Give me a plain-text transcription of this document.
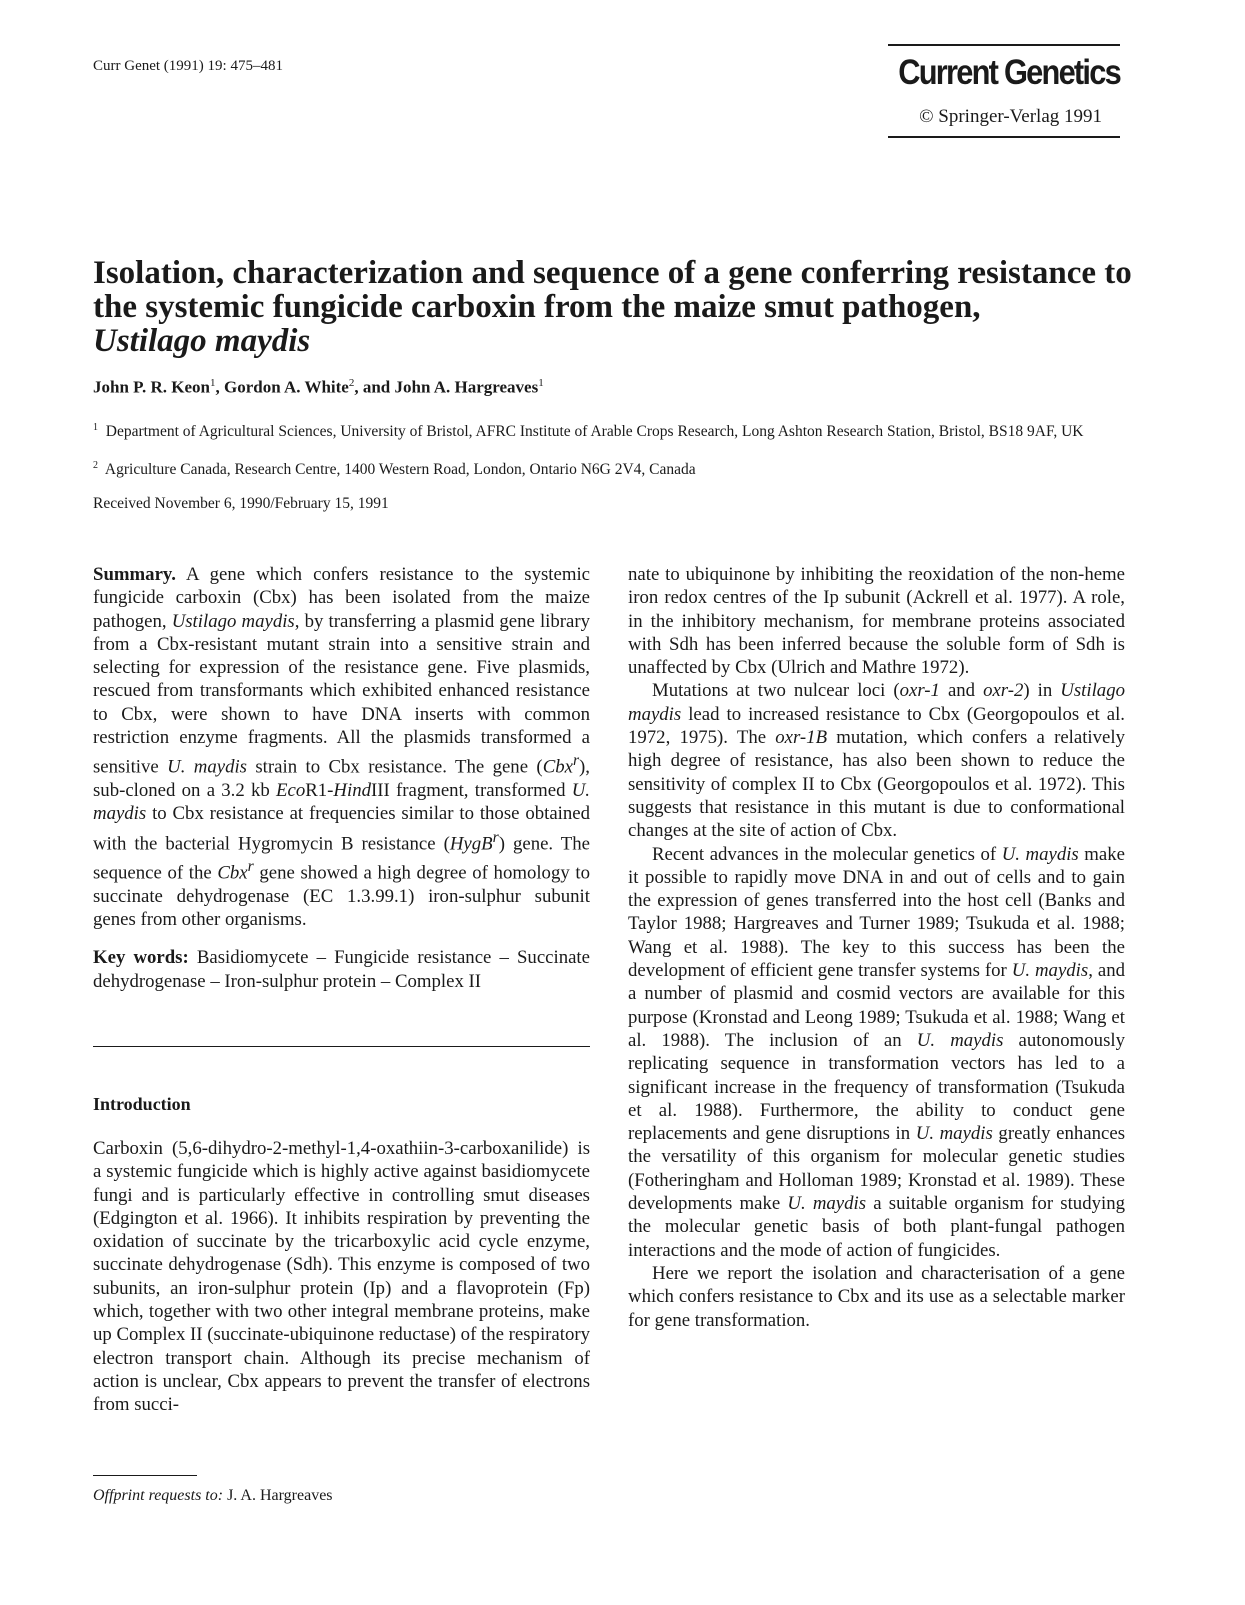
Curr Genet (1991) 19: 475–481	Current Genetics
© Springer-Verlag 1991
Isolation, characterization and sequence of a gene conferring resistance to the systemic fungicide carboxin from the maize smut pathogen,
Ustilago maydis
John P. R. Keon$^1$, Gordon A. White$^2$, and John A. Hargreaves$^1$
$^1$ Department of Agricultural Sciences, University of Bristol, AFRC Institute of Arable Crops Research, Long Ashton Research Station, Bristol, BS18 9AF, UK
$^2$ Agriculture Canada, Research Centre, 1400 Western Road, London, Ontario N6G 2V4, Canada
Received November 6, 1990/February 15, 1991

Summary. A gene which confers resistance to the systemic fungicide carboxin (Cbx) has been isolated from the maize pathogen, Ustilago maydis, by transferring a plasmid gene library from a Cbx-resistant mutant strain into a sensitive strain and selecting for expression of the resistance gene. Five plasmids, rescued from transformants which exhibited enhanced resistance to Cbx, were shown to have DNA inserts with common restriction enzyme fragments. All the plasmids transformed a sensitive U. maydis strain to Cbx resistance. The gene (Cbx$^r$), sub-cloned on a 3.2 kb EcoR1-HindIII fragment, transformed U. maydis to Cbx resistance at frequencies similar to those obtained with the bacterial Hygromycin B resistance (HygB$^r$) gene. The sequence of the Cbx$^r$ gene showed a high degree of homology to succinate dehydrogenase (EC 1.3.99.1) iron-sulphur subunit genes from other organisms.

Key words: Basidiomycete – Fungicide resistance – Succinate dehydrogenase – Iron-sulphur protein – Complex II

Introduction

Carboxin (5,6-dihydro-2-methyl-1,4-oxathiin-3-carboxanilide) is a systemic fungicide which is highly active against basidiomycete fungi and is particularly effective in controlling smut diseases (Edgington et al. 1966). It inhibits respiration by preventing the oxidation of succinate by the tricarboxylic acid cycle enzyme, succinate dehydrogenase (Sdh). This enzyme is composed of two subunits, an iron-sulphur protein (Ip) and a flavoprotein (Fp) which, together with two other integral membrane proteins, make up Complex II (succinate-ubiquinone reductase) of the respiratory electron transport chain. Although its precise mechanism of action is unclear, Cbx appears to prevent the transfer of electrons from succi-

nate to ubiquinone by inhibiting the reoxidation of the non-heme iron redox centres of the Ip subunit (Ackrell et al. 1977). A role, in the inhibitory mechanism, for membrane proteins associated with Sdh has been inferred because the soluble form of Sdh is unaffected by Cbx (Ulrich and Mathre 1972).

Mutations at two nulcear loci (oxr-1 and oxr-2) in Ustilago maydis lead to increased resistance to Cbx (Georgopoulos et al. 1972, 1975). The oxr-1B mutation, which confers a relatively high degree of resistance, has also been shown to reduce the sensitivity of complex II to Cbx (Georgopoulos et al. 1972). This suggests that resistance in this mutant is due to conformational changes at the site of action of Cbx.

Recent advances in the molecular genetics of U. maydis make it possible to rapidly move DNA in and out of cells and to gain the expression of genes transferred into the host cell (Banks and Taylor 1988; Hargreaves and Turner 1989; Tsukuda et al. 1988; Wang et al. 1988). The key to this success has been the development of efficient gene transfer systems for U. maydis, and a number of plasmid and cosmid vectors are available for this purpose (Kronstad and Leong 1989; Tsukuda et al. 1988; Wang et al. 1988). The inclusion of an U. maydis autonomously replicating sequence in transformation vectors has led to a significant increase in the frequency of transformation (Tsukuda et al. 1988). Furthermore, the ability to conduct gene replacements and gene disruptions in U. maydis greatly enhances the versatility of this organism for molecular genetic studies (Fotheringham and Holloman 1989; Kronstad et al. 1989). These developments make U. maydis a suitable organism for studying the molecular genetic basis of both plant-fungal pathogen interactions and the mode of action of fungicides.

Here we report the isolation and characterisation of a gene which confers resistance to Cbx and its use as a selectable marker for gene transformation.

Offprint requests to: J. A. Hargreaves
